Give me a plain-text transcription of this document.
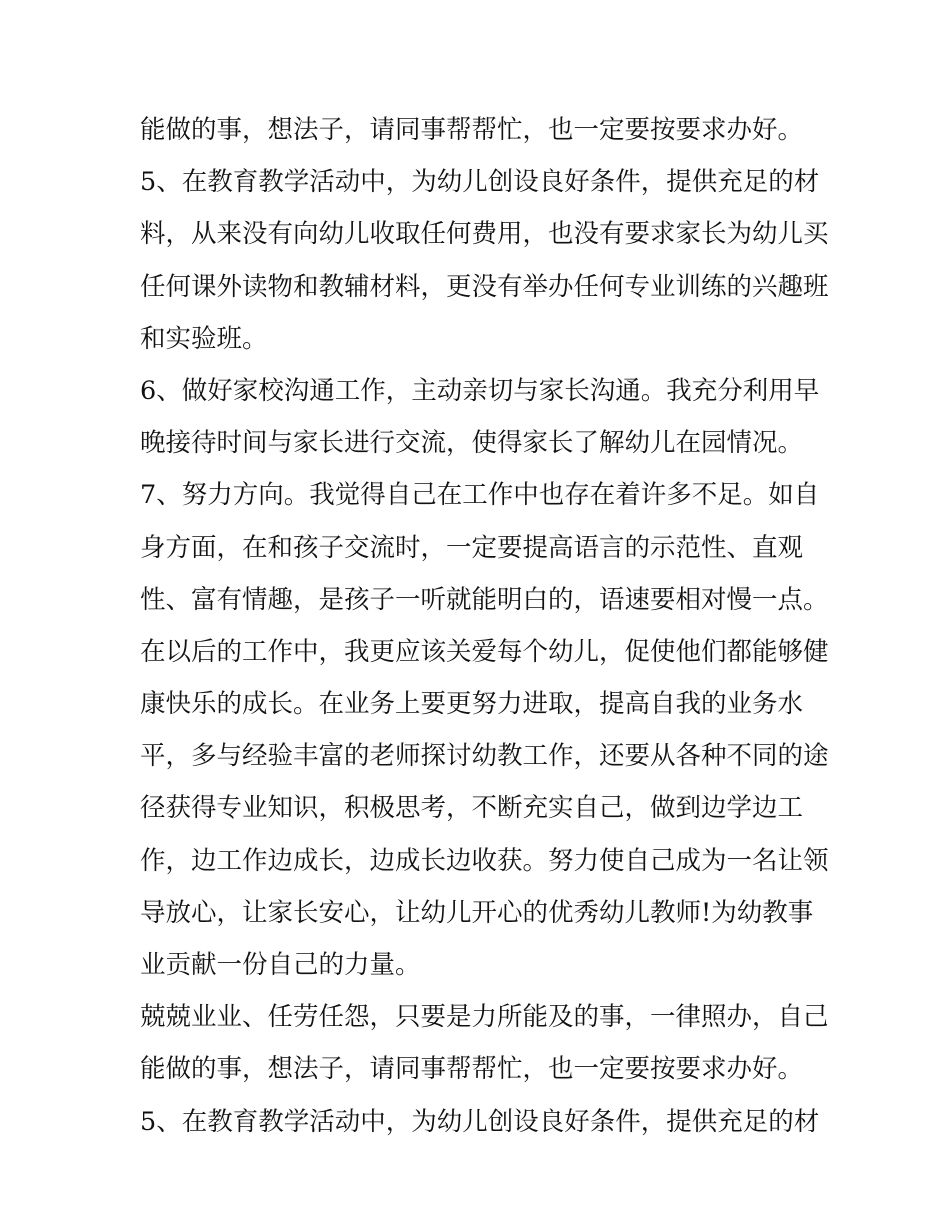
能做的事，想法子，请同事帮帮忙，也一定要按要求办好。
5、在教育教学活动中，为幼儿创设良好条件，提供充足的材
料，从来没有向幼儿收取任何费用，也没有要求家长为幼儿买
任何课外读物和教辅材料，更没有举办任何专业训练的兴趣班
和实验班。
6、做好家校沟通工作，主动亲切与家长沟通。我充分利用早
晚接待时间与家长进行交流，使得家长了解幼儿在园情况。
7、努力方向。我觉得自己在工作中也存在着许多不足。如自
身方面，在和孩子交流时，一定要提高语言的示范性、直观
性、富有情趣，是孩子一听就能明白的，语速要相对慢一点。
在以后的工作中，我更应该关爱每个幼儿，促使他们都能够健
康快乐的成长。在业务上要更努力进取，提高自我的业务水
平，多与经验丰富的老师探讨幼教工作，还要从各种不同的途
径获得专业知识，积极思考，不断充实自己，做到边学边工
作，边工作边成长，边成长边收获。努力使自己成为一名让领
导放心，让家长安心，让幼儿开心的优秀幼儿教师!为幼教事
业贡献一份自己的力量。
兢兢业业、任劳任怨，只要是力所能及的事，一律照办，自己
能做的事，想法子，请同事帮帮忙，也一定要按要求办好。
5、在教育教学活动中，为幼儿创设良好条件，提供充足的材
